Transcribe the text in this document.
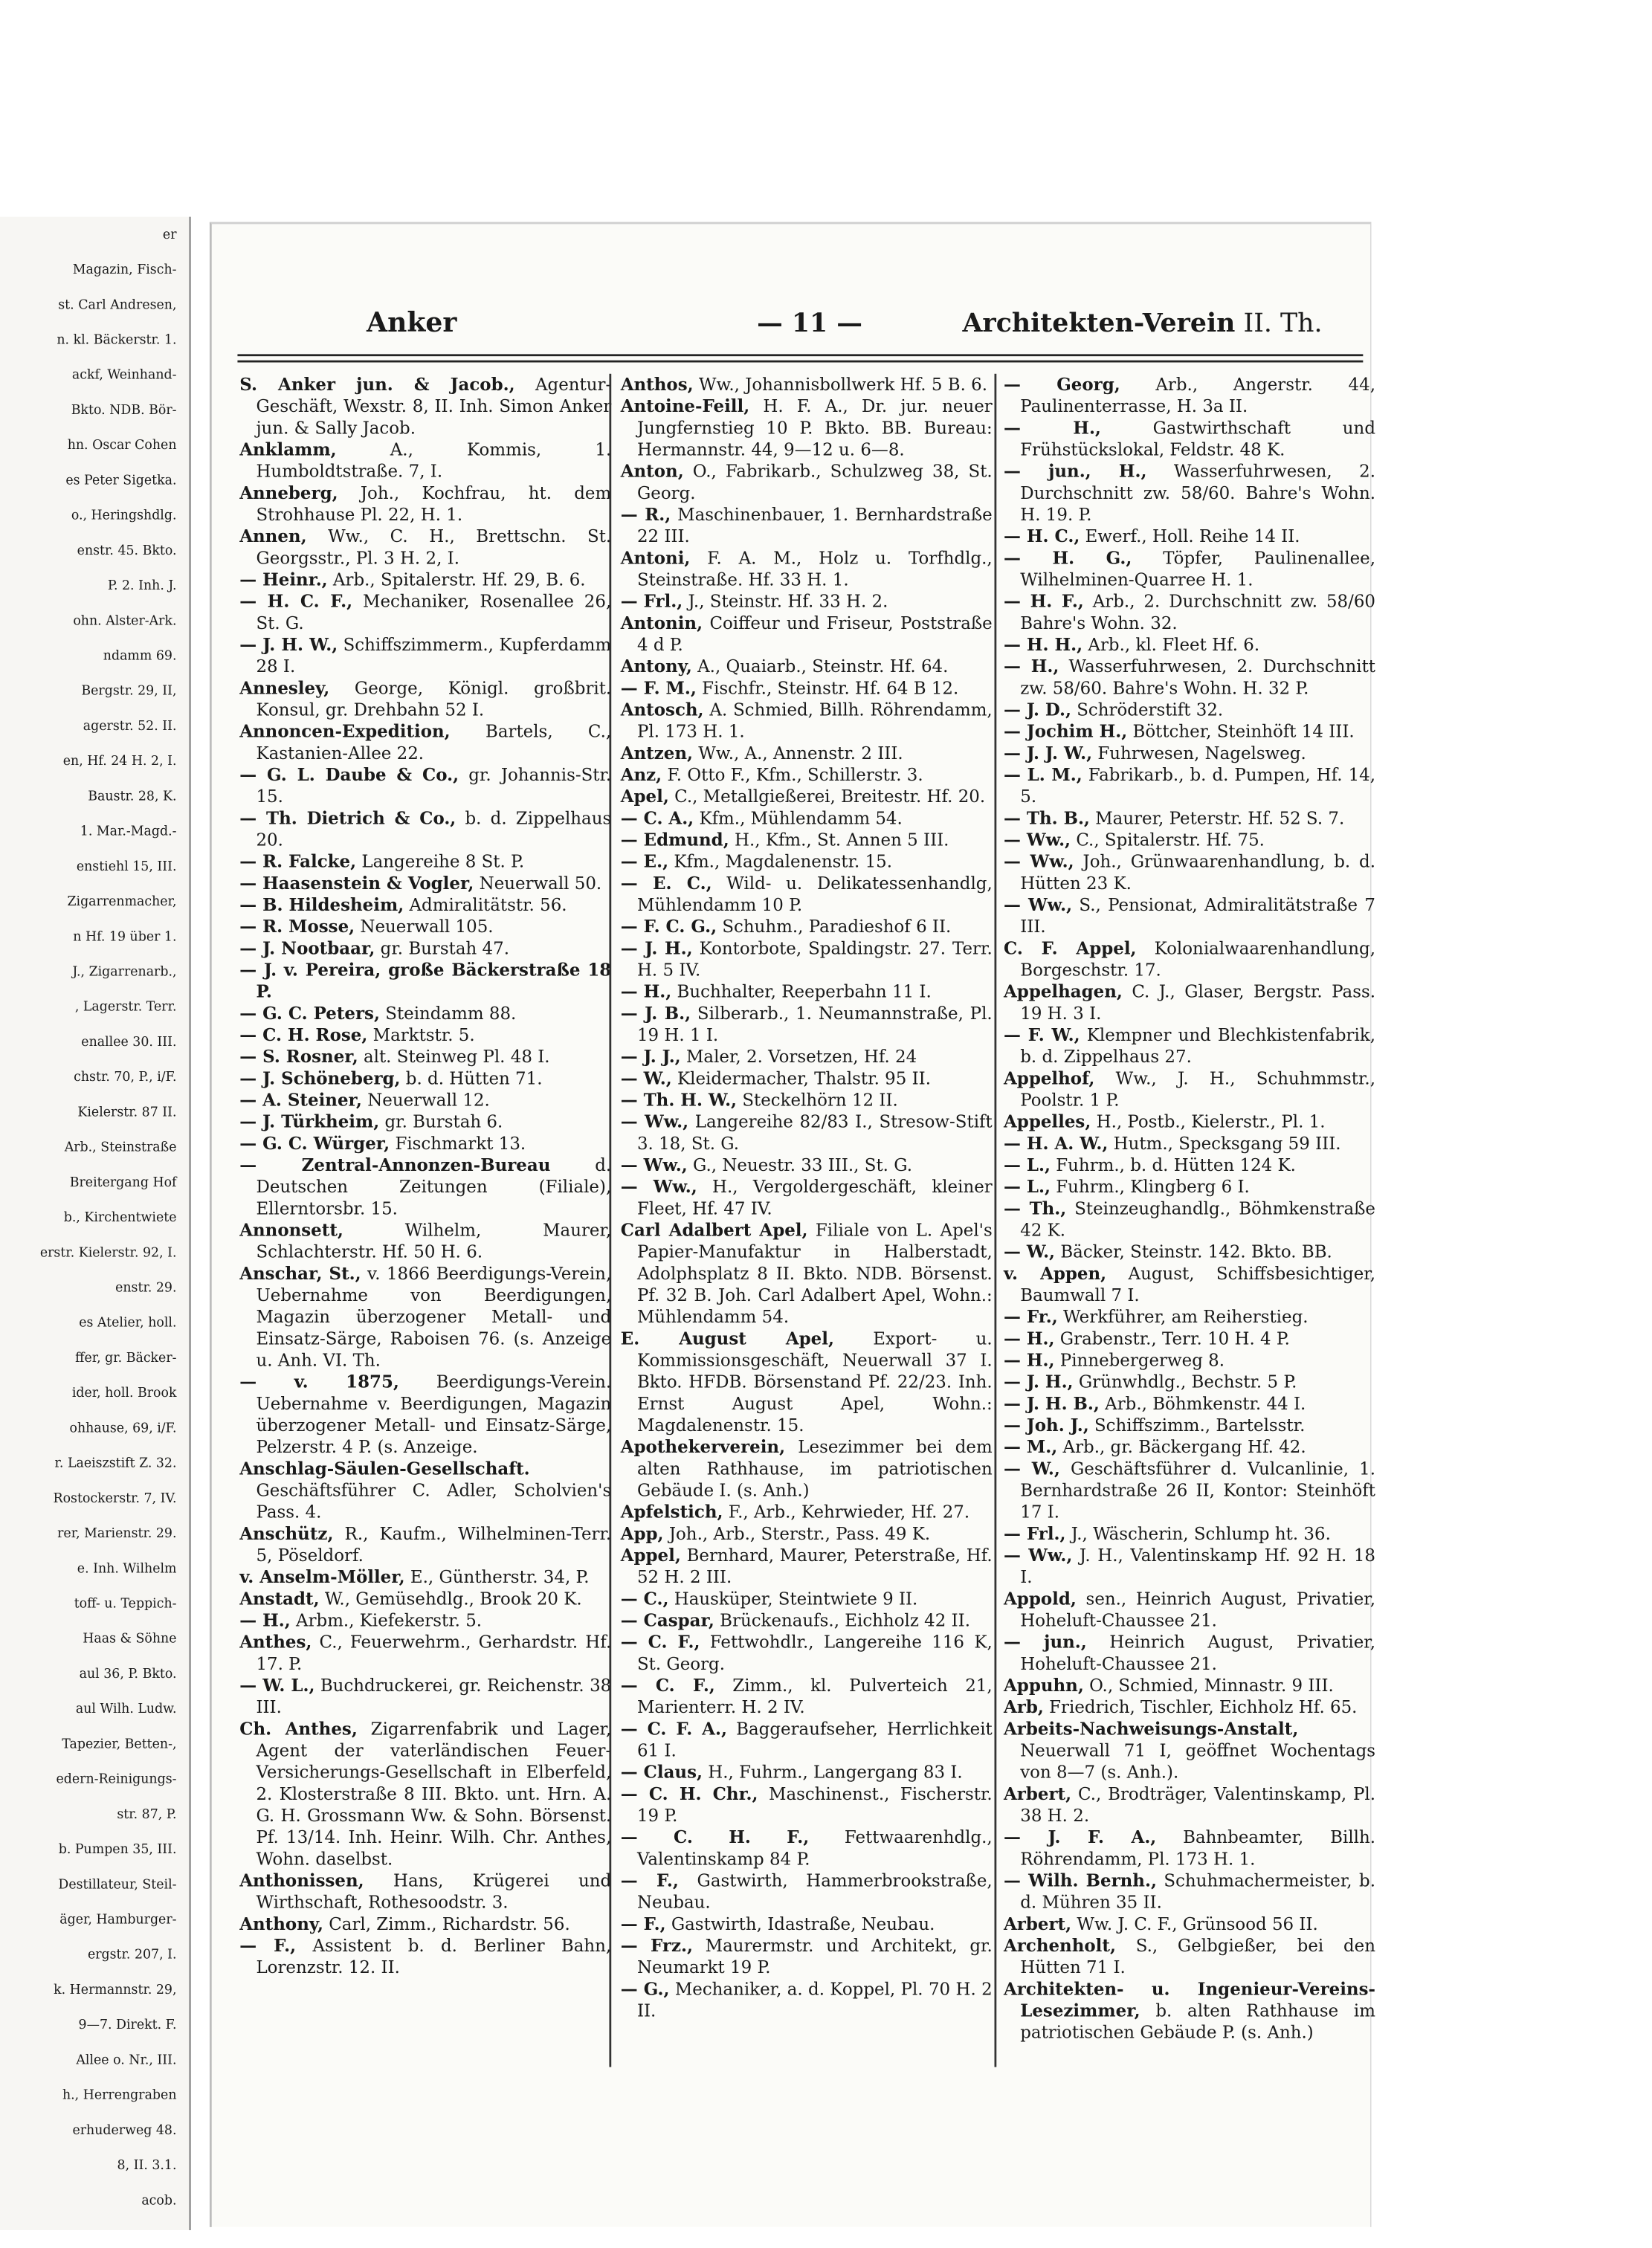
er
Magazin, Fisch-
st. Carl Andresen,
n. kl. Bäckerstr. 1.
ackf, Weinhand-
Bkto. NDB. Bör-
hn. Oscar Cohen
es Peter Sigetka.
o., Heringshdlg.
enstr. 45. Bkto.
P. 2. Inh. J.
ohn. Alster-Ark.
ndamm 69.
Bergstr. 29, II,
agerstr. 52. II.
en, Hf. 24 H. 2, I.
Baustr. 28, K.
1. Mar.-Magd.-
enstiehl 15, III.
Zigarrenmacher,
n Hf. 19 über 1.
J., Zigarrenarb.,
, Lagerstr. Terr.
enallee 30. III.
chstr. 70, P., i/F.
Kielerstr. 87 II.
Arb., Steinstraße
Breitergang Hof
b., Kirchentwiete
erstr. Kielerstr. 92, I.
enstr. 29.
es Atelier, holl.
ffer, gr. Bäcker-
ider, holl. Brook
ohhause, 69, i/F.
r. Laeiszstift Z. 32.
Rostockerstr. 7, IV.
rer, Marienstr. 29.
e. Inh. Wilhelm
toff- u. Teppich-
Haas & Söhne
aul 36, P. Bkto.
aul Wilh. Ludw.
Tapezier, Betten-,
edern-Reinigungs-
str. 87, P.
b. Pumpen 35, III.
Destillateur, Steil-
äger, Hamburger-
ergstr. 207, I.
k. Hermannstr. 29,
9—7. Direkt. F.
Allee o. Nr., III.
h., Herrengraben
erhuderweg 48.
8, II. 3.1.
acob.
Anker	— 11 —	Architekten-Verein II. Th.

S. Anker jun. & Jacob., Agentur-Geschäft, Wexstr. 8, II. Inh. Simon Anker jun. & Sally Jacob.

Anklamm, A., Kommis, 1. Humboldtstraße. 7, I.

Anneberg, Joh., Kochfrau, ht. dem Strohhause Pl. 22, H. 1.

Annen, Ww., C. H., Brettschn. St. Georgsstr., Pl. 3 H. 2, I.

— Heinr., Arb., Spitalerstr. Hf. 29, B. 6.

— H. C. F., Mechaniker, Rosenallee 26, St. G.

— J. H. W., Schiffszimmerm., Kupferdamm 28 I.

Annesley, George, Königl. großbrit. Konsul, gr. Drehbahn 52 I.

Annoncen-Expedition, Bartels, C., Kastanien-Allee 22.

— G. L. Daube & Co., gr. Johannis-Str. 15.

— Th. Dietrich & Co., b. d. Zippelhaus 20.

— R. Falcke, Langereihe 8 St. P.

— Haasenstein & Vogler, Neuerwall 50.

— B. Hildesheim, Admiralitätstr. 56.

— R. Mosse, Neuerwall 105.

— J. Nootbaar, gr. Burstah 47.

— J. v. Pereira, große Bäckerstraße 18 P.

— G. C. Peters, Steindamm 88.

— C. H. Rose, Marktstr. 5.

— S. Rosner, alt. Steinweg Pl. 48 I.

— J. Schöneberg, b. d. Hütten 71.

— A. Steiner, Neuerwall 12.

— J. Türkheim, gr. Burstah 6.

— G. C. Würger, Fischmarkt 13.

— Zentral-Annonzen-Bureau d. Deutschen Zeitungen (Filiale), Ellerntorsbr. 15.

Annonsett, Wilhelm, Maurer, Schlachterstr. Hf. 50 H. 6.

Anschar, St., v. 1866 Beerdigungs-Verein, Uebernahme von Beerdigungen, Magazin überzogener Metall- und Einsatz-Särge, Raboisen 76. (s. Anzeige u. Anh. VI. Th.

— v. 1875, Beerdigungs-Verein. Uebernahme v. Beerdigungen, Magazin überzogener Metall- und Einsatz-Särge, Pelzerstr. 4 P. (s. Anzeige.

Anschlag-Säulen-Gesellschaft. Geschäftsführer C. Adler, Scholvien's Pass. 4.

Anschütz, R., Kaufm., Wilhelminen-Terr. 5, Pöseldorf.

v. Anselm-Möller, E., Güntherstr. 34, P.

Anstadt, W., Gemüsehdlg., Brook 20 K.

— H., Arbm., Kiefekerstr. 5.

Anthes, C., Feuerwehrm., Gerhardstr. Hf. 17. P.

— W. L., Buchdruckerei, gr. Reichenstr. 38 III.

Ch. Anthes, Zigarrenfabrik und Lager, Agent der vaterländischen Feuer-Versicherungs-Gesellschaft in Elberfeld, 2. Klosterstraße 8 III. Bkto. unt. Hrn. A. G. H. Grossmann Ww. & Sohn. Börsenst. Pf. 13/14. Inh. Heinr. Wilh. Chr. Anthes, Wohn. daselbst.

Anthonissen, Hans, Krügerei und Wirthschaft, Rothesoodstr. 3.

Anthony, Carl, Zimm., Richardstr. 56.

— F., Assistent b. d. Berliner Bahn, Lorenzstr. 12. II.

Anthos, Ww., Johannisbollwerk Hf. 5 B. 6.

Antoine-Feill, H. F. A., Dr. jur. neuer Jungfernstieg 10 P. Bkto. BB. Bureau: Hermannstr. 44, 9—12 u. 6—8.

Anton, O., Fabrikarb., Schulzweg 38, St. Georg.

— R., Maschinenbauer, 1. Bernhardstraße 22 III.

Antoni, F. A. M., Holz u. Torfhdlg., Steinstraße. Hf. 33 H. 1.

— Frl., J., Steinstr. Hf. 33 H. 2.

Antonin, Coiffeur und Friseur, Poststraße 4 d P.

Antony, A., Quaiarb., Steinstr. Hf. 64.

— F. M., Fischfr., Steinstr. Hf. 64 B 12.

Antosch, A. Schmied, Billh. Röhrendamm, Pl. 173 H. 1.

Antzen, Ww., A., Annenstr. 2 III.

Anz, F. Otto F., Kfm., Schillerstr. 3.

Apel, C., Metallgießerei, Breitestr. Hf. 20.

— C. A., Kfm., Mühlendamm 54.

— Edmund, H., Kfm., St. Annen 5 III.

— E., Kfm., Magdalenenstr. 15.

— E. C., Wild- u. Delikatessenhandlg, Mühlendamm 10 P.

— F. C. G., Schuhm., Paradieshof 6 II.

— J. H., Kontorbote, Spaldingstr. 27. Terr. H. 5 IV.

— H., Buchhalter, Reeperbahn 11 I.

— J. B., Silberarb., 1. Neumannstraße, Pl. 19 H. 1 I.

— J. J., Maler, 2. Vorsetzen, Hf. 24

— W., Kleidermacher, Thalstr. 95 II.

— Th. H. W., Steckelhörn 12 II.

— Ww., Langereihe 82/83 I., Stresow-Stift 3. 18, St. G.

— Ww., G., Neuestr. 33 III., St. G.

— Ww., H., Vergoldergeschäft, kleiner Fleet, Hf. 47 IV.

Carl Adalbert Apel, Filiale von L. Apel's Papier-Manufaktur in Halberstadt, Adolphsplatz 8 II. Bkto. NDB. Börsenst. Pf. 32 B. Joh. Carl Adalbert Apel, Wohn.: Mühlendamm 54.

E. August Apel, Export- u. Kommissionsgeschäft, Neuerwall 37 I. Bkto. HFDB. Börsenstand Pf. 22/23. Inh. Ernst August Apel, Wohn.: Magdalenenstr. 15.

Apothekerverein, Lesezimmer bei dem alten Rathhause, im patriotischen Gebäude I. (s. Anh.)

Apfelstich, F., Arb., Kehrwieder, Hf. 27.

App, Joh., Arb., Sterstr., Pass. 49 K.

Appel, Bernhard, Maurer, Peterstraße, Hf. 52 H. 2 III.

— C., Hausküper, Steintwiete 9 II.

— Caspar, Brückenaufs., Eichholz 42 II.

— C. F., Fettwohdlr., Langereihe 116 K, St. Georg.

— C. F., Zimm., kl. Pulverteich 21, Marienterr. H. 2 IV.

— C. F. A., Baggeraufseher, Herrlichkeit 61 I.

— Claus, H., Fuhrm., Langergang 83 I.

— C. H. Chr., Maschinenst., Fischerstr. 19 P.

— C. H. F., Fettwaarenhdlg., Valentinskamp 84 P.

— F., Gastwirth, Hammerbrookstraße, Neubau.

— F., Gastwirth, Idastraße, Neubau.

— Frz., Maurermstr. und Architekt, gr. Neumarkt 19 P.

— G., Mechaniker, a. d. Koppel, Pl. 70 H. 2 II.

— Georg, Arb., Angerstr. 44, Paulinenterrasse, H. 3a II.

— H., Gastwirthschaft und Frühstückslokal, Feldstr. 48 K.

— jun., H., Wasserfuhrwesen, 2. Durchschnitt zw. 58/60. Bahre's Wohn. H. 19. P.

— H. C., Ewerf., Holl. Reihe 14 II.

— H. G., Töpfer, Paulinenallee, Wilhelminen-Quarree H. 1.

— H. F., Arb., 2. Durchschnitt zw. 58/60 Bahre's Wohn. 32.

— H. H., Arb., kl. Fleet Hf. 6.

— H., Wasserfuhrwesen, 2. Durchschnitt zw. 58/60. Bahre's Wohn. H. 32 P.

— J. D., Schröderstift 32.

— Jochim H., Böttcher, Steinhöft 14 III.

— J. J. W., Fuhrwesen, Nagelsweg.

— L. M., Fabrikarb., b. d. Pumpen, Hf. 14, 5.

— Th. B., Maurer, Peterstr. Hf. 52 S. 7.

— Ww., C., Spitalerstr. Hf. 75.

— Ww., Joh., Grünwaarenhandlung, b. d. Hütten 23 K.

— Ww., S., Pensionat, Admiralitätstraße 7 III.

C. F. Appel, Kolonialwaarenhandlung, Borgeschstr. 17.

Appelhagen, C. J., Glaser, Bergstr. Pass. 19 H. 3 I.

— F. W., Klempner und Blechkistenfabrik, b. d. Zippelhaus 27.

Appelhof, Ww., J. H., Schuhmmstr., Poolstr. 1 P.

Appelles, H., Postb., Kielerstr., Pl. 1.

— H. A. W., Hutm., Specksgang 59 III.

— L., Fuhrm., b. d. Hütten 124 K.

— L., Fuhrm., Klingberg 6 I.

— Th., Steinzeughandlg., Böhmkenstraße 42 K.

— W., Bäcker, Steinstr. 142. Bkto. BB.

v. Appen, August, Schiffsbesichtiger, Baumwall 7 I.

— Fr., Werkführer, am Reiherstieg.

— H., Grabenstr., Terr. 10 H. 4 P.

— H., Pinnebergerweg 8.

— J. H., Grünwhdlg., Bechstr. 5 P.

— J. H. B., Arb., Böhmkenstr. 44 I.

— Joh. J., Schiffszimm., Bartelsstr.

— M., Arb., gr. Bäckergang Hf. 42.

— W., Geschäftsführer d. Vulcanlinie, 1. Bernhardstraße 26 II, Kontor: Steinhöft 17 I.

— Frl., J., Wäscherin, Schlump ht. 36.

— Ww., J. H., Valentinskamp Hf. 92 H. 18 I.

Appold, sen., Heinrich August, Privatier, Hoheluft-Chaussee 21.

— jun., Heinrich August, Privatier, Hoheluft-Chaussee 21.

Appuhn, O., Schmied, Minnastr. 9 III.

Arb, Friedrich, Tischler, Eichholz Hf. 65.

Arbeits-Nachweisungs-Anstalt, Neuerwall 71 I, geöffnet Wochentags von 8—7 (s. Anh.).

Arbert, C., Brodträger, Valentinskamp, Pl. 38 H. 2.

— J. F. A., Bahnbeamter, Billh. Röhrendamm, Pl. 173 H. 1.

— Wilh. Bernh., Schuhmachermeister, b. d. Mühren 35 II.

Arbert, Ww. J. C. F., Grünsood 56 II.

Archenholt, S., Gelbgießer, bei den Hütten 71 I.

Architekten- u. Ingenieur-Vereins-Lesezimmer, b. alten Rathhause im patriotischen Gebäude P. (s. Anh.)
